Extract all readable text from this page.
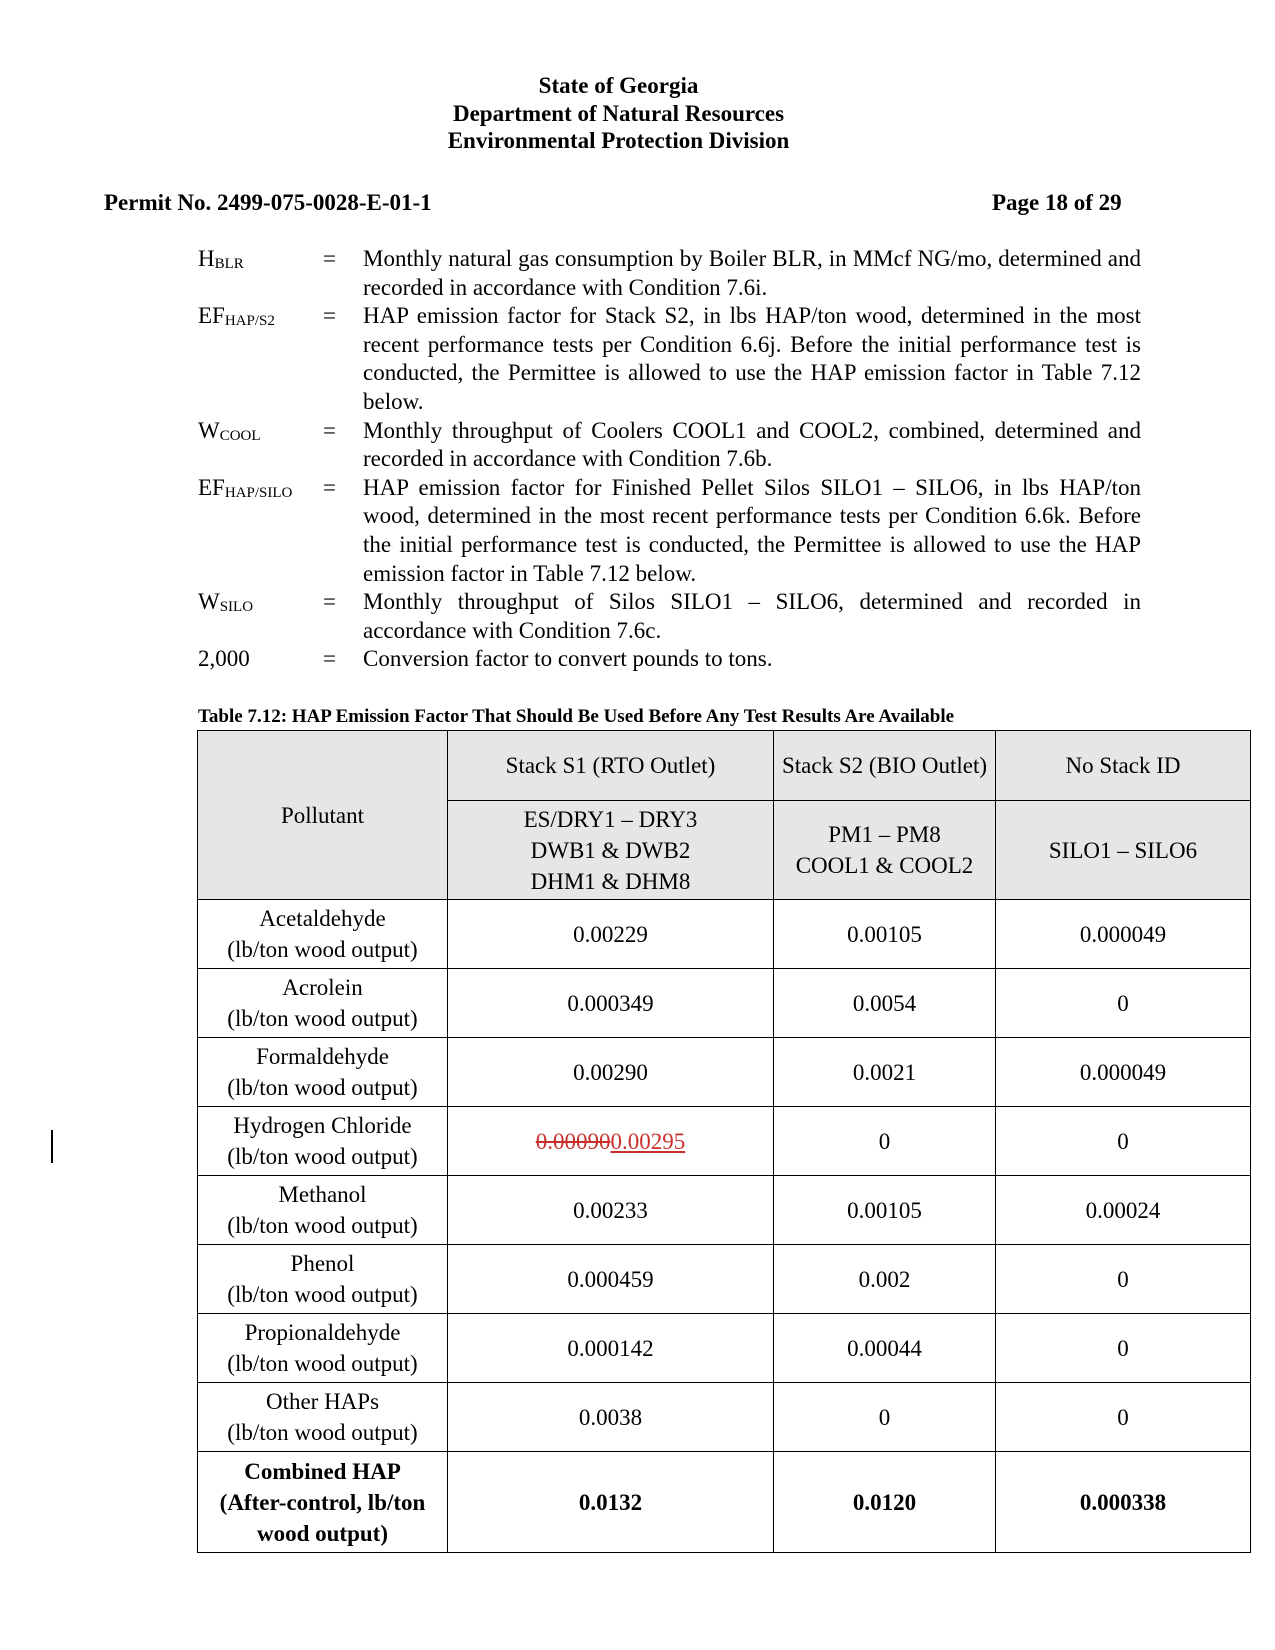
State of Georgia
Department of Natural Resources
Environmental Protection Division
Permit No. 2499-075-0028-E-01-1	Page 18 of 29
$H_{BLR}$	=	Monthly natural gas consumption by Boiler BLR, in MMcf NG/mo, determined and recorded in accordance with Condition 7.6i.
$EF_{HAP/S2}$	=	HAP emission factor for Stack S2, in lbs HAP/ton wood, determined in the most recent performance tests per Condition 6.6j. Before the initial performance test is conducted, the Permittee is allowed to use the HAP emission factor in Table 7.12 below.
$W_{COOL}$	=	Monthly throughput of Coolers COOL1 and COOL2, combined, determined and recorded in accordance with Condition 7.6b.
$EF_{HAP/SILO}$	=	HAP emission factor for Finished Pellet Silos SILO1 – SILO6, in lbs HAP/ton wood, determined in the most recent performance tests per Condition 6.6k. Before the initial performance test is conducted, the Permittee is allowed to use the HAP emission factor in Table 7.12 below.
$W_{SILO}$	=	Monthly throughput of Silos SILO1 – SILO6, determined and recorded in accordance with Condition 7.6c.
2,000	=	Conversion factor to convert pounds to tons.
Table 7.12: HAP Emission Factor That Should Be Used Before Any Test Results Are Available
Pollutant	Stack S1 (RTO Outlet)	Stack S2 (BIO Outlet)	No Stack ID
	ES/DRY1 – DRY3
DWB1 & DWB2
DHM1 & DHM8	PM1 – PM8
COOL1 & COOL2	SILO1 – SILO6
Acetaldehyde
(lb/ton wood output)	0.00229	0.00105	0.000049
Acrolein
(lb/ton wood output)	0.000349	0.0054	0
Formaldehyde
(lb/ton wood output)	0.00290	0.0021	0.000049
Hydrogen Chloride
(lb/ton wood output)	0.000900.00295	0	0
Methanol
(lb/ton wood output)	0.00233	0.00105	0.00024
Phenol
(lb/ton wood output)	0.000459	0.002	0
Propionaldehyde
(lb/ton wood output)	0.000142	0.00044	0
Other HAPs
(lb/ton wood output)	0.0038	0	0
Combined HAP
(After-control, lb/ton
wood output)	0.0132	0.0120	0.000338
